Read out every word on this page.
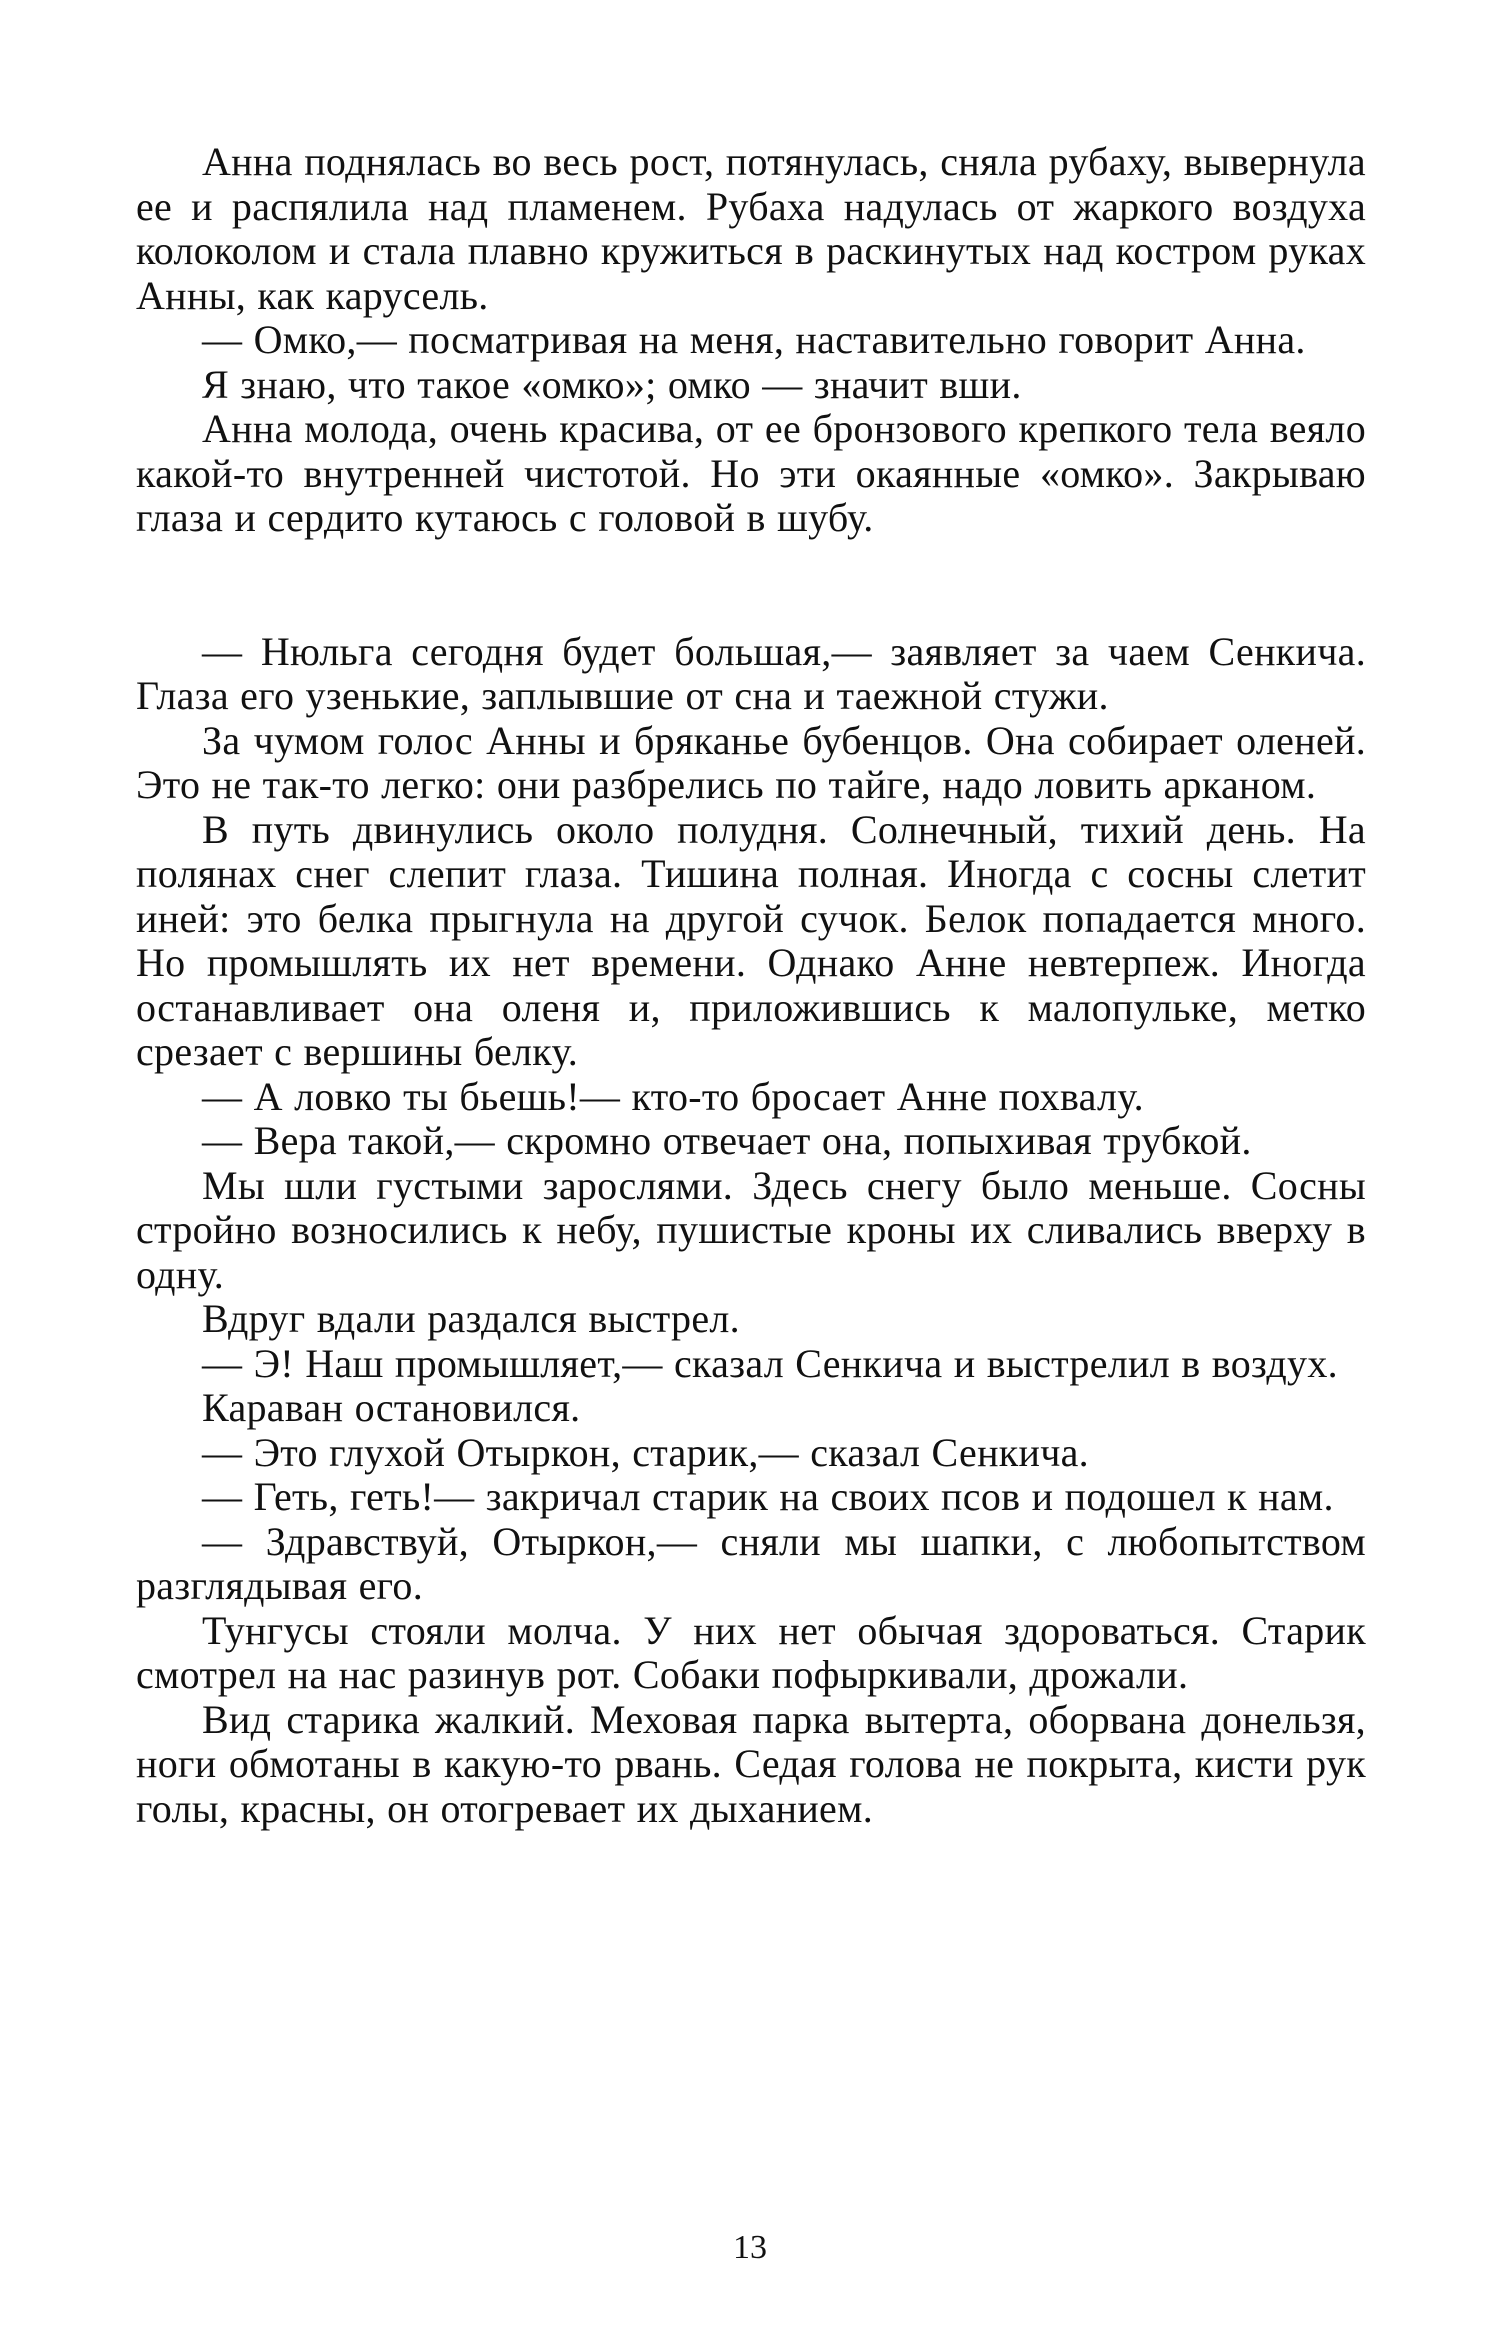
Анна поднялась во весь рост, потянулась, сняла рубаху, вывернула ее и распялила над пламенем. Рубаха надулась от жаркого воздуха колоколом и стала плавно кружиться в раскинутых над костром руках Анны, как карусель.

— Омко,— посматривая на меня, наставительно говорит Анна.

Я знаю, что такое «омко»; омко — значит вши.

Анна молода, очень красива, от ее бронзового крепкого тела веяло какой-то внутренней чистотой. Но эти окаянные «омко». Закрываю глаза и сердито кутаюсь с головой в шубу.

— Нюльга сегодня будет большая,— заявляет за чаем Сенкича. Глаза его узенькие, заплывшие от сна и таежной стужи.

За чумом голос Анны и бряканье бубенцов. Она собирает оленей. Это не так-то легко: они разбрелись по тайге, надо ловить арканом.

В путь двинулись около полудня. Солнечный, тихий день. На полянах снег слепит глаза. Тишина полная. Иногда с сосны слетит иней: это белка прыгнула на другой сучок. Белок попадается много. Но промышлять их нет времени. Однако Анне невтерпеж. Иногда останавливает она оленя и, приложившись к малопульке, метко срезает с вершины белку.

— А ловко ты бьешь!— кто-то бросает Анне похвалу.

— Вера такой,— скромно отвечает она, попыхивая трубкой.

Мы шли густыми зарослями. Здесь снегу было меньше. Сосны стройно возносились к небу, пушистые кроны их сливались вверху в одну.

Вдруг вдали раздался выстрел.

— Э! Наш промышляет,— сказал Сенкича и выстрелил в воздух.

Караван остановился.

— Это глухой Отыркон, старик,— сказал Сенкича.

— Геть, геть!— закричал старик на своих псов и подошел к нам.

— Здравствуй, Отыркон,— сняли мы шапки, с любопытством разглядывая его.

Тунгусы стояли молча. У них нет обычая здороваться. Старик смотрел на нас разинув рот. Собаки пофыркивали, дрожали.

Вид старика жалкий. Меховая парка вытерта, оборвана донельзя, ноги обмотаны в какую-то рвань. Седая голова не покрыта, кисти рук голы, красны, он отогревает их дыханием.

13
